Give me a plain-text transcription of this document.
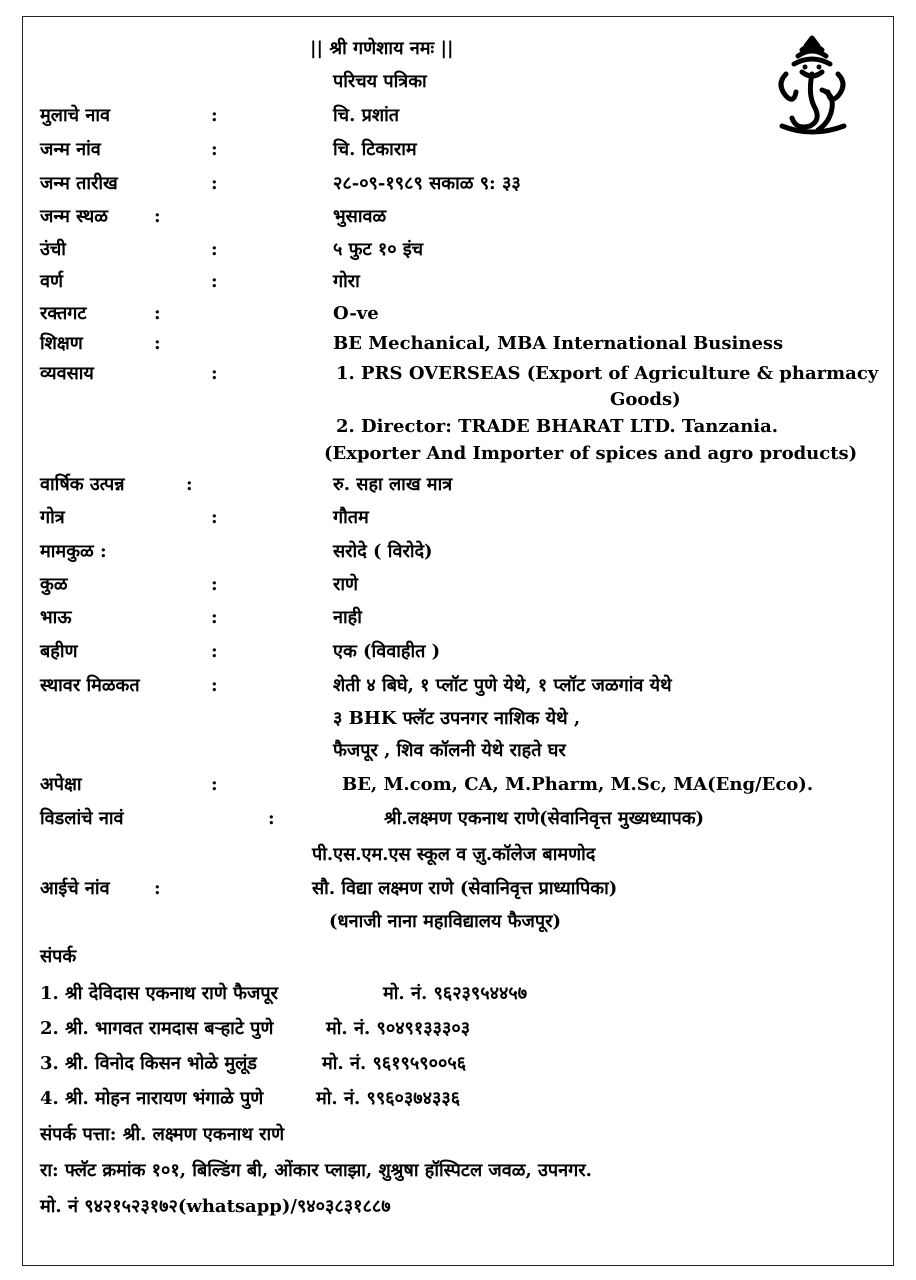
|| श्री गणेशाय नमः ||
परिचय पत्रिका
मुलाचे नाव	:	चि. प्रशांत
जन्म नांव	:	चि. टिकाराम
जन्म तारीख	:	२८-०९-१९८९ सकाळ ९: ३३
जन्म स्थळ	:	भुसावळ
उंची	:	५ फुट १० इंच
वर्ण	:	गोरा
रक्तगट	:	O-ve
शिक्षण	:	BE Mechanical, MBA International Business
व्यवसाय	:	1. PRS OVERSEAS (Export of Agriculture & pharmacy
Goods)
2. Director: TRADE BHARAT LTD. Tanzania.
(Exporter And Importer of spices and agro products)
वार्षिक उत्पन्न	:	रु. सहा लाख मात्र
गोत्र	:	गौतम
मामकुळ :	सरोदे ( विरोदे)
कुळ	:	राणे
भाऊ	:	नाही
बहीण	:	एक (विवाहीत )
स्थावर मिळकत	:	शेती ४ बिघे, १ प्लॉट पुणे येथे, १ प्लॉट जळगांव येथे
३ BHK फ्लॅट उपनगर नाशिक येथे ,
फैजपूर , शिव कॉलनी येथे राहते घर
अपेक्षा	:	BE, M.com, CA, M.Pharm, M.Sc, MA(Eng/Eco).
विडलांचे नावं	:	श्री.लक्ष्मण एकनाथ राणे(सेवानिवृत्त मुख्यध्यापक)
पी.एस.एम.एस स्कूल व ज़ु.कॉलेज बामणोद
आईचे नांव :	सौ. विद्या लक्ष्मण राणे (सेवानिवृत्त प्राध्यापिका)
(धनाजी नाना महाविद्यालय फैजपूर)
संपर्क
1. श्री देविदास एकनाथ राणे फैजपूर	मो. नं. ९६२३९५४४५७
2. श्री. भागवत रामदास बऱ्हाटे पुणे	मो. नं. ९०४९१३३३०३
3. श्री. विनोद किसन भोळे मुलूंड	मो. नं. ९६१९५९००५६
4. श्री. मोहन नारायण भंगाळे पुणे	मो. नं. ९९६०३७४३३६
संपर्क पत्ता: श्री. लक्ष्मण एकनाथ राणे
रा: फ्लॅट क्रमांक १०१, बिल्डिंग बी, ओंकार प्लाझा, शुश्रुषा हॉस्पिटल जवळ, उपनगर.
मो. नं ९४२१५२३१७२(whatsapp)/९४०३८३१८८७
